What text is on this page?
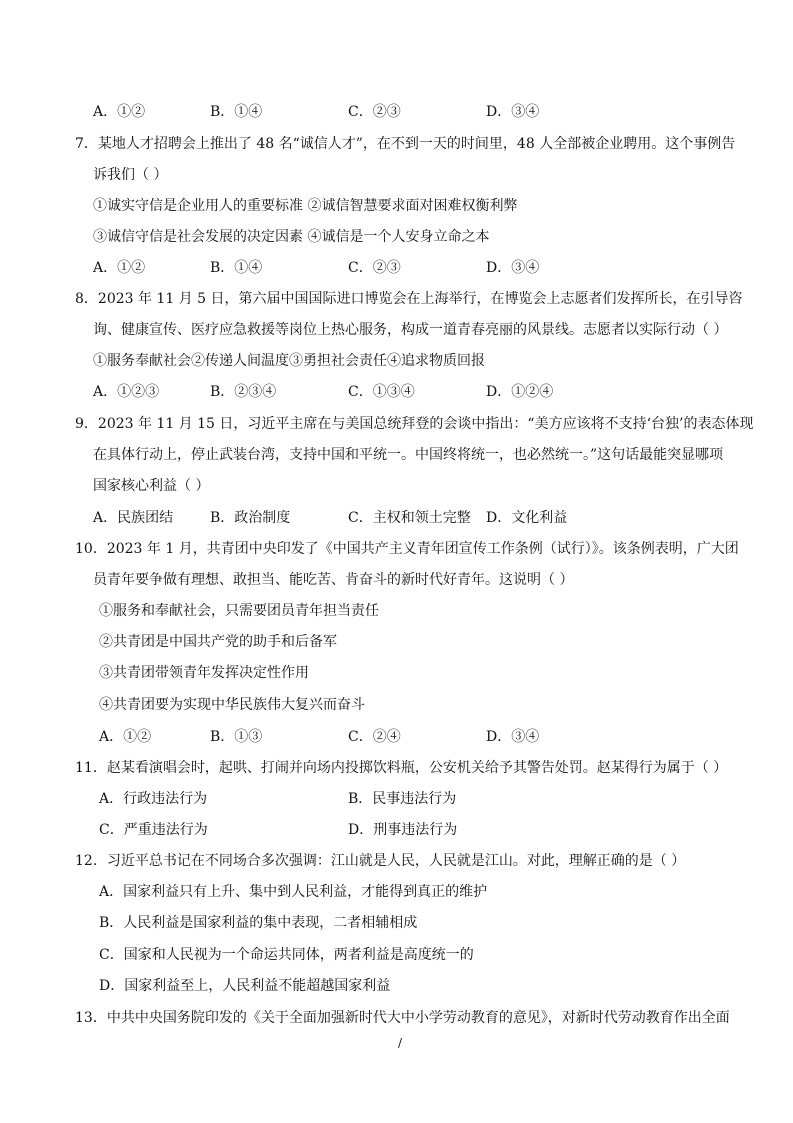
A．①②	B．①④	C．②③	D．③④
7．某地人才招聘会上推出了 48 名“诚信人才”，在不到一天的时间里，48 人全部被企业聘用。这个事例告
诉我们（ ）
①诚实守信是企业用人的重要标准 ②诚信智慧要求面对困难权衡利弊
③诚信守信是社会发展的决定因素 ④诚信是一个人安身立命之本
A．①②	B．①④	C．②③	D．③④
8．2023 年 11 月 5 日，第六届中国国际进口博览会在上海举行，在博览会上志愿者们发挥所长，在引导咨
询、健康宣传、医疗应急救援等岗位上热心服务，构成一道青春亮丽的风景线。志愿者以实际行动（ ）
①服务奉献社会②传递人间温度③勇担社会责任④追求物质回报
A．①②③	B．②③④	C．①③④	D．①②④
9．2023 年 11 月 15 日，习近平主席在与美国总统拜登的会谈中指出：“美方应该将不支持‘台独’的表态体现
在具体行动上，停止武装台湾，支持中国和平统一。中国终将统一，也必然统一。”这句话最能突显哪项
国家核心利益（ ）
A．民族团结	B．政治制度	C．主权和领土完整 D．文化利益
10．2023 年 1 月，共青团中央印发了《中国共产主义青年团宣传工作条例（试行）》。该条例表明，广大团
员青年要争做有理想、敢担当、能吃苦、肯奋斗的新时代好青年。这说明（ ）
①服务和奉献社会，只需要团员青年担当责任
②共青团是中国共产党的助手和后备军
③共青团带领青年发挥决定性作用
④共青团要为实现中华民族伟大复兴而奋斗
A．①②	B．①③	C．②④	D．③④
11．赵某看演唱会时，起哄、打闹并向场内投掷饮料瓶，公安机关给予其警告处罚。赵某得行为属于（ ）
A．行政违法行为	B．民事违法行为
C．严重违法行为	D．刑事违法行为
12．习近平总书记在不同场合多次强调：江山就是人民，人民就是江山。对此，理解正确的是（ ）
A．国家利益只有上升、集中到人民利益，才能得到真正的维护
B．人民利益是国家利益的集中表现，二者相辅相成
C．国家和人民视为一个命运共同体，两者利益是高度统一的
D．国家利益至上，人民利益不能超越国家利益
13．中共中央国务院印发的《关于全面加强新时代大中小学劳动教育的意见》，对新时代劳动教育作出全面
/
